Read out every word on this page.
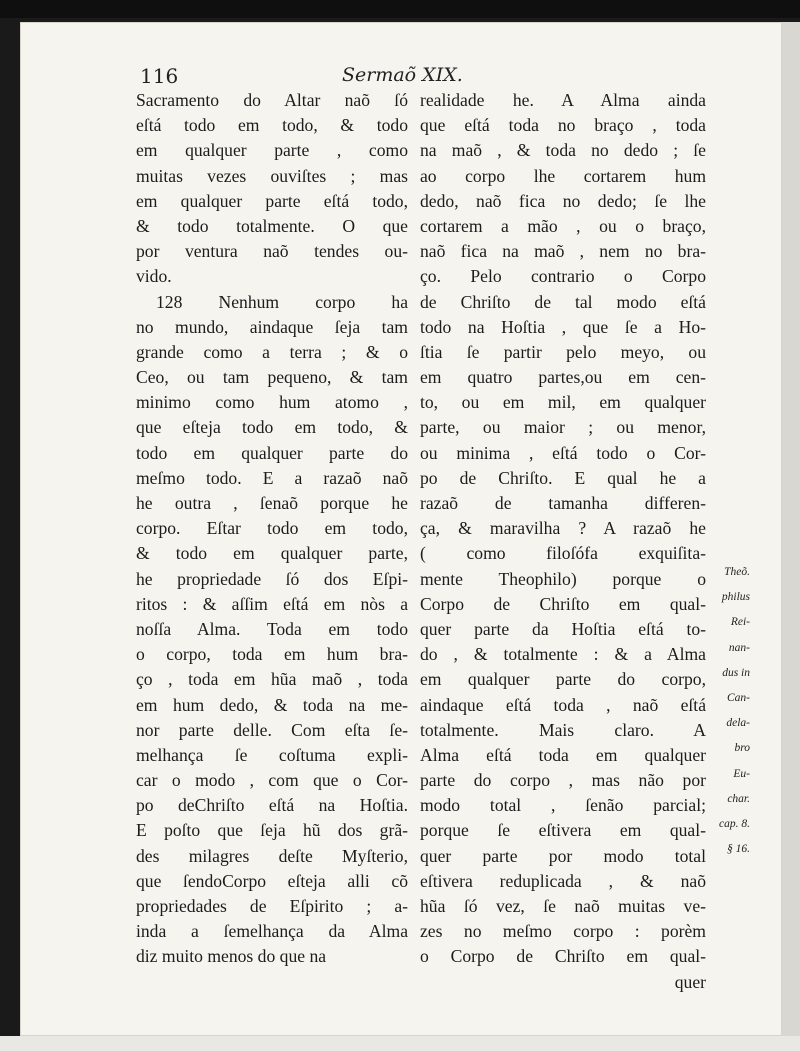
116	Sermaõ XIX.
Sacramento do Altar naõ ſó
eſtá todo em todo, & todo
em qualquer parte , como
muitas vezes ouviſtes ; mas
em qualquer parte eſtá todo,
& todo totalmente. O que
por ventura naõ tendes ou-
vido.
128 Nenhum corpo ha
no mundo, aindaque ſeja tam
grande como a terra ; & o
Ceo, ou tam pequeno, & tam
minimo como hum atomo ,
que eſteja todo em todo, &
todo em qualquer parte do
meſmo todo. E a razaõ naõ
he outra , ſenaõ porque he
corpo. Eſtar todo em todo,
& todo em qualquer parte,
he propriedade ſó dos Eſpi-
ritos : & aſſim eſtá em nòs a
noſſa Alma. Toda em todo
o corpo, toda em hum bra-
ço , toda em hũa maõ , toda
em hum dedo, & toda na me-
nor parte delle. Com eſta ſe-
melhança ſe coſtuma expli-
car o modo , com que o Cor-
po deChriſto eſtá na Hoſtia.
E poſto que ſeja hũ dos grã-
des milagres deſte Myſterio,
que ſendoCorpo eſteja alli cõ
propriedades de Eſpirito ; a-
inda a ſemelhança da Alma
diz muito menos do que na
realidade he. A Alma ainda
que eſtá toda no braço , toda
na maõ , & toda no dedo ; ſe
ao corpo lhe cortarem hum
dedo, naõ fica no dedo; ſe lhe
cortarem a mão , ou o braço,
naõ fica na maõ , nem no bra-
ço. Pelo contrario o Corpo
de Chriſto de tal modo eſtá
todo na Hoſtia , que ſe a Ho-
ſtia ſe partir pelo meyo, ou
em quatro partes,ou em cen-
to, ou em mil, em qualquer
parte, ou maior ; ou menor,
ou minima , eſtá todo o Cor-
po de Chriſto. E qual he a
razaõ de tamanha differen-
ça, & maravilha ? A razaõ he
( como filoſófa exquiſita-
mente Theophilo) porque o
Corpo de Chriſto em qual-
quer parte da Hoſtia eſtá to-
do , & totalmente : & a Alma
em qualquer parte do corpo,
aindaque eſtá toda , naõ eſtá
totalmente. Mais claro. A
Alma eſtá toda em qualquer
parte do corpo , mas não por
modo total , ſenão parcial;
porque ſe eſtivera em qual-
quer parte por modo total
eſtivera reduplicada , & naõ
hũa ſó vez, ſe naõ muitas ve-
zes no meſmo corpo : porèm
o Corpo de Chriſto em qual-
quer
Theõ.
philus
Rei-
nan-
dus in
Can-
dela-
bro
Eu-
char.
cap. 8.
§ 16.
